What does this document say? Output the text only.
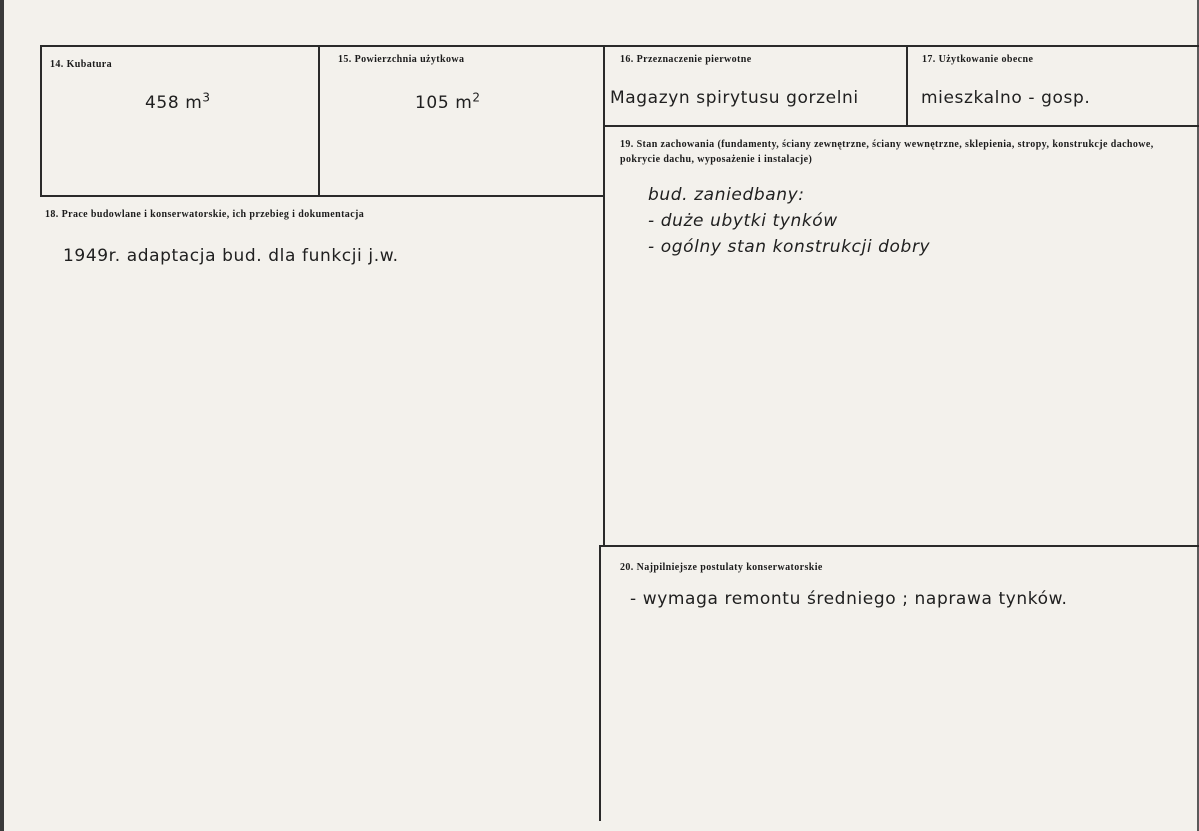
14. Kubatura
458 $m^3$
15. Powierzchnia użytkowa
105 $m^2$
16. Przeznaczenie pierwotne
Magazyn spirytusu gorzelni
17. Użytkowanie obecne
mieszkalno - gosp.
18. Prace budowlane i konserwatorskie, ich przebieg i dokumentacja
1949r. adaptacja bud. dla funkcji j.w.
19. Stan zachowania (fundamenty, ściany zewnętrzne, ściany wewnętrzne, sklepienia, stropy, konstrukcje dachowe, pokrycie dachu, wyposażenie i instalacje)
bud. zaniedbany:
- duże ubytki tynków
- ogólny stan konstrukcji dobry
20. Najpilniejsze postulaty konserwatorskie
- wymaga remontu średniego ; naprawa tynków.
